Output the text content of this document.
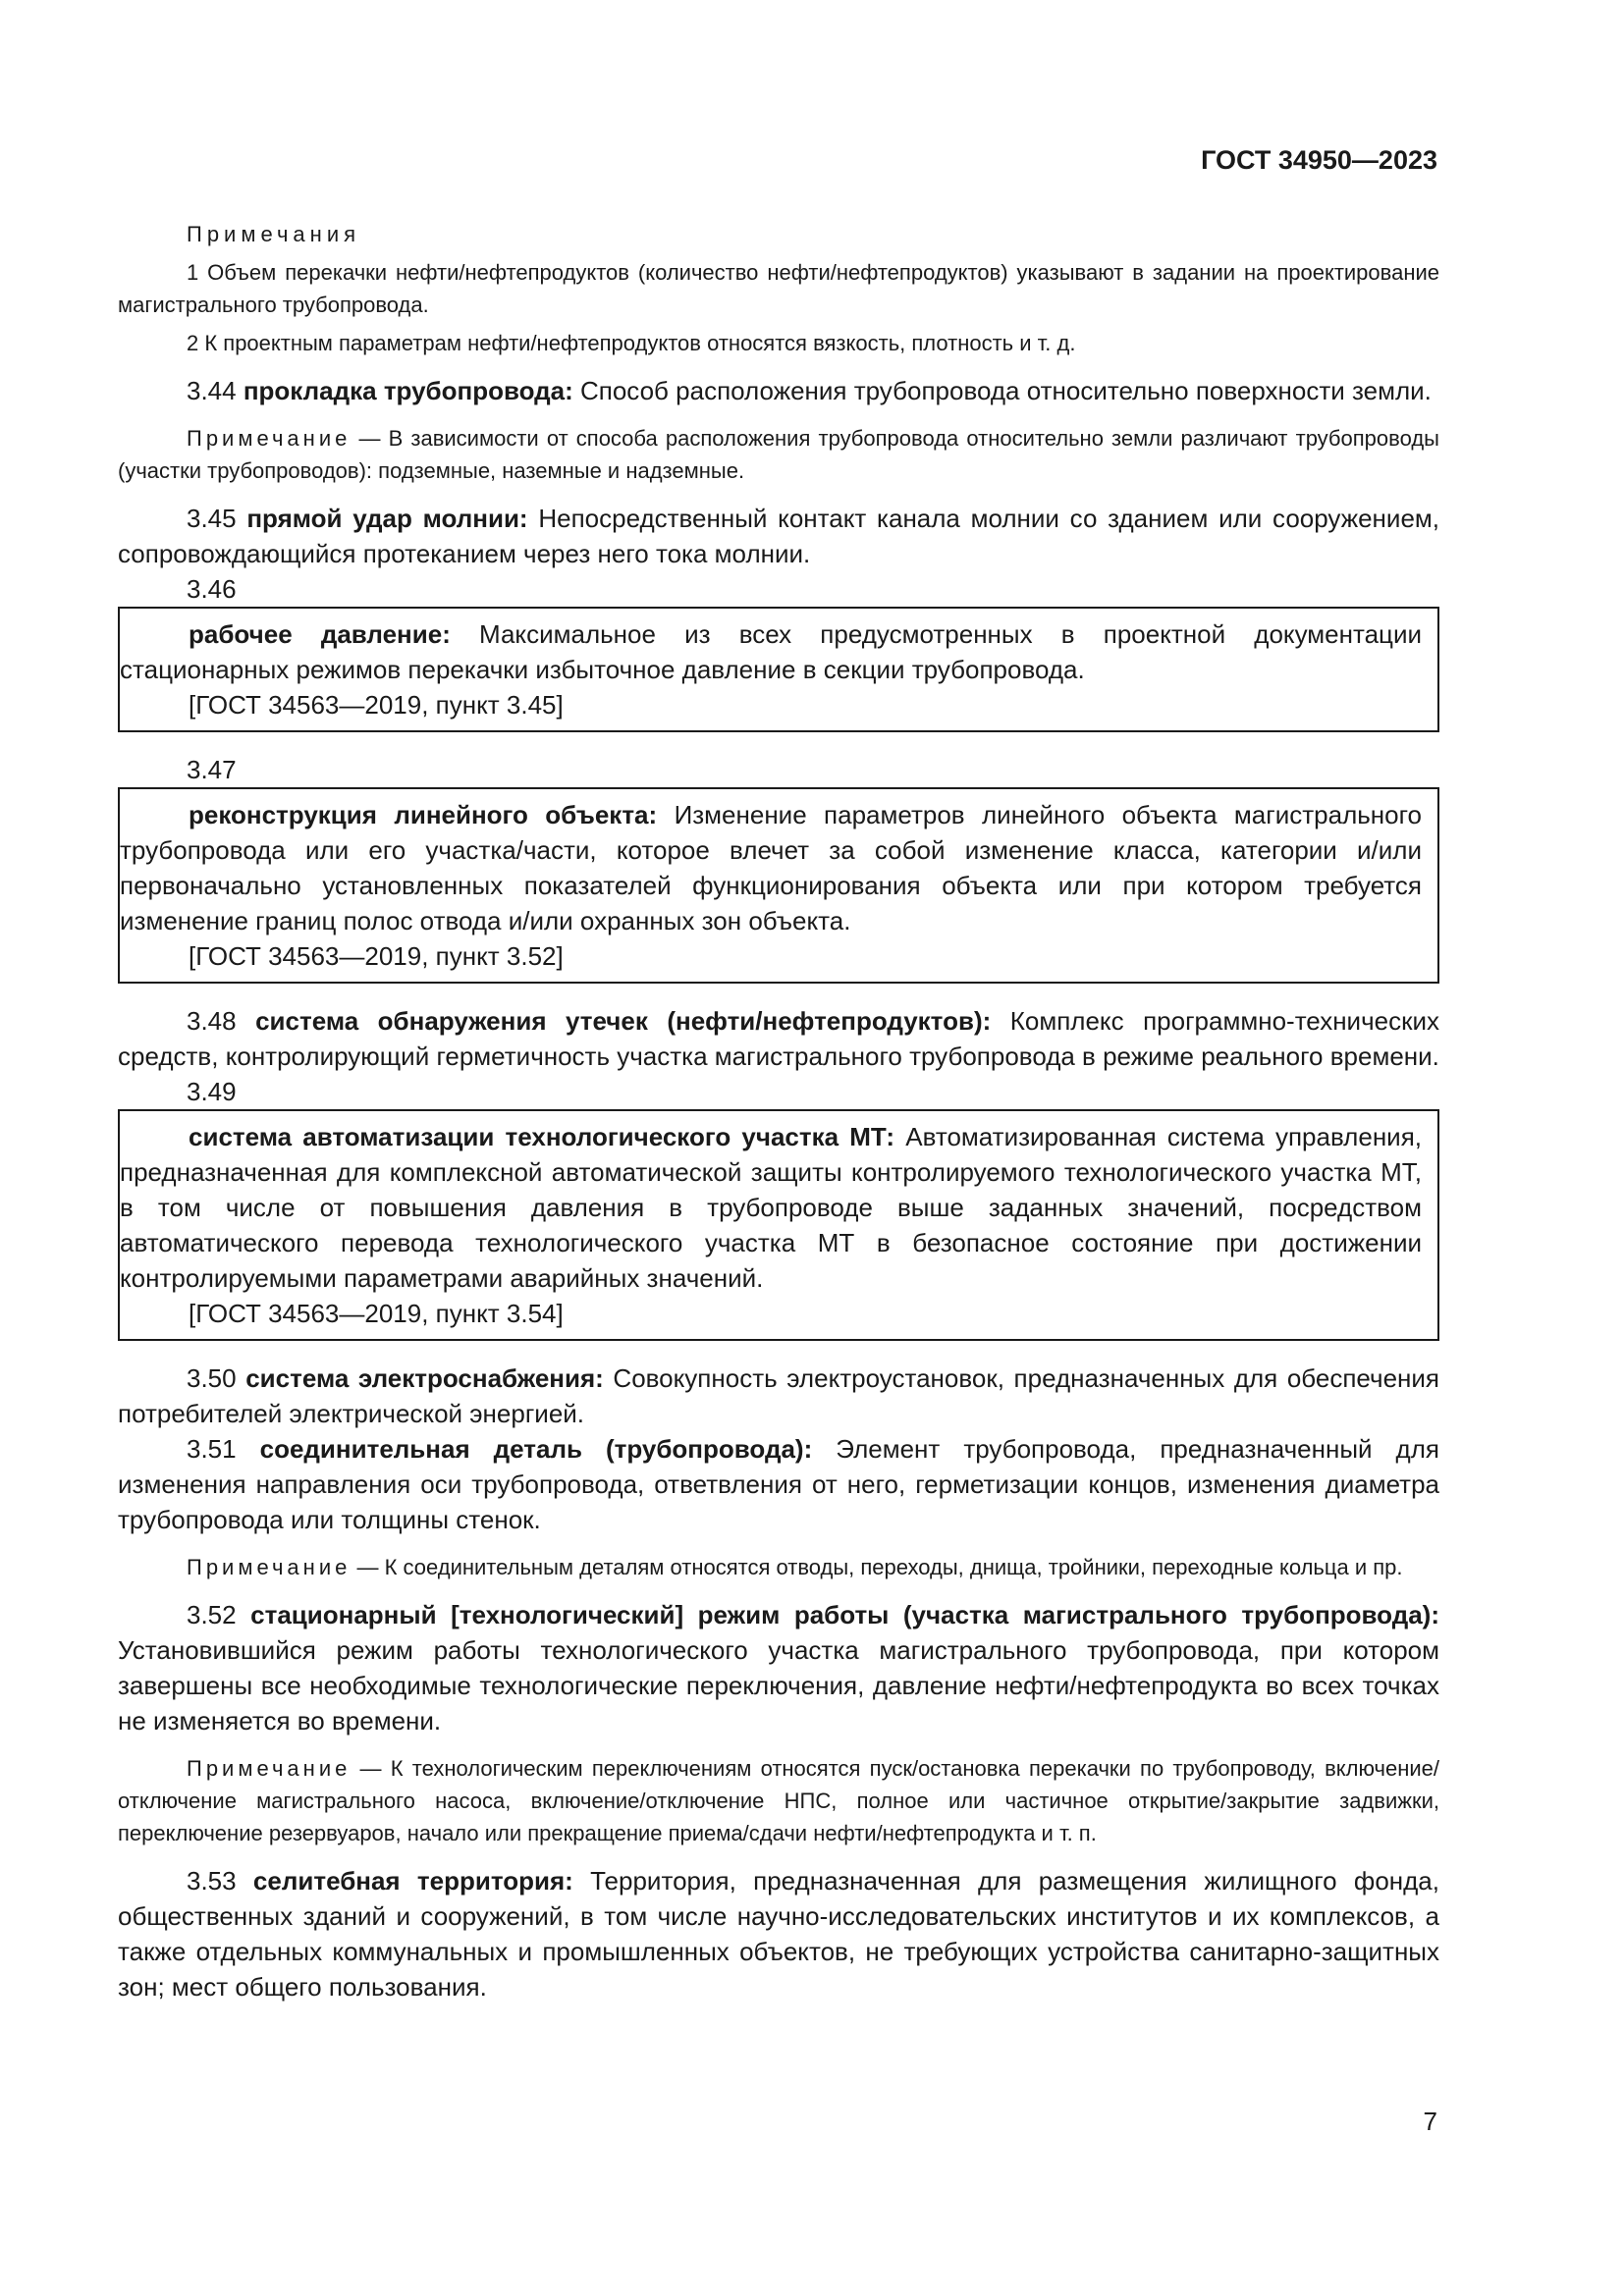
ГОСТ 34950—2023

Примечания

1 Объем перекачки нефти/нефтепродуктов (количество нефти/нефтепродуктов) указывают в задании на проектирование магистрального трубопровода.

2 К проектным параметрам нефти/нефтепродуктов относятся вязкость, плотность и т. д.

3.44 прокладка трубопровода: Способ расположения трубопровода относительно поверхности земли.

Примечание — В зависимости от способа расположения трубопровода относительно земли различают трубопроводы (участки трубопроводов): подземные, наземные и надземные.

3.45 прямой удар молнии: Непосредственный контакт канала молнии со зданием или сооружением, сопровождающийся протеканием через него тока молнии.

3.46

рабочее давление: Максимальное из всех предусмотренных в проектной документации стационарных режимов перекачки избыточное давление в секции трубопровода.

[ГОСТ 34563—2019, пункт 3.45]

3.47

реконструкция линейного объекта: Изменение параметров линейного объекта магистрального трубопровода или его участка/части, которое влечет за собой изменение класса, категории и/или первоначально установленных показателей функционирования объекта или при котором требуется изменение границ полос отвода и/или охранных зон объекта.

[ГОСТ 34563—2019, пункт 3.52]

3.48 система обнаружения утечек (нефти/нефтепродуктов): Комплекс программно-технических средств, контролирующий герметичность участка магистрального трубопровода в режиме реального времени.

3.49

система автоматизации технологического участка МТ: Автоматизированная система управления, предназначенная для комплексной автоматической защиты контролируемого технологического участка МТ, в том числе от повышения давления в трубопроводе выше заданных значений, посредством автоматического перевода технологического участка МТ в безопасное состояние при достижении контролируемыми параметрами аварийных значений.

[ГОСТ 34563—2019, пункт 3.54]

3.50 система электроснабжения: Совокупность электроустановок, предназначенных для обеспечения потребителей электрической энергией.

3.51 соединительная деталь (трубопровода): Элемент трубопровода, предназначенный для изменения направления оси трубопровода, ответвления от него, герметизации концов, изменения диаметра трубопровода или толщины стенок.

Примечание — К соединительным деталям относятся отводы, переходы, днища, тройники, переходные кольца и пр.

3.52 стационарный [технологический] режим работы (участка магистрального трубопровода): Установившийся режим работы технологического участка магистрального трубопровода, при котором завершены все необходимые технологические переключения, давление нефти/нефтепродукта во всех точках не изменяется во времени.

Примечание — К технологическим переключениям относятся пуск/остановка перекачки по трубопроводу, включение/отключение магистрального насоса, включение/отключение НПС, полное или частичное открытие/закрытие задвижки, переключение резервуаров, начало или прекращение приема/сдачи нефти/нефтепродукта и т. п.

3.53 селитебная территория: Территория, предназначенная для размещения жилищного фонда, общественных зданий и сооружений, в том числе научно-исследовательских институтов и их комплексов, а также отдельных коммунальных и промышленных объектов, не требующих устройства санитарно-защитных зон; мест общего пользования.

7
